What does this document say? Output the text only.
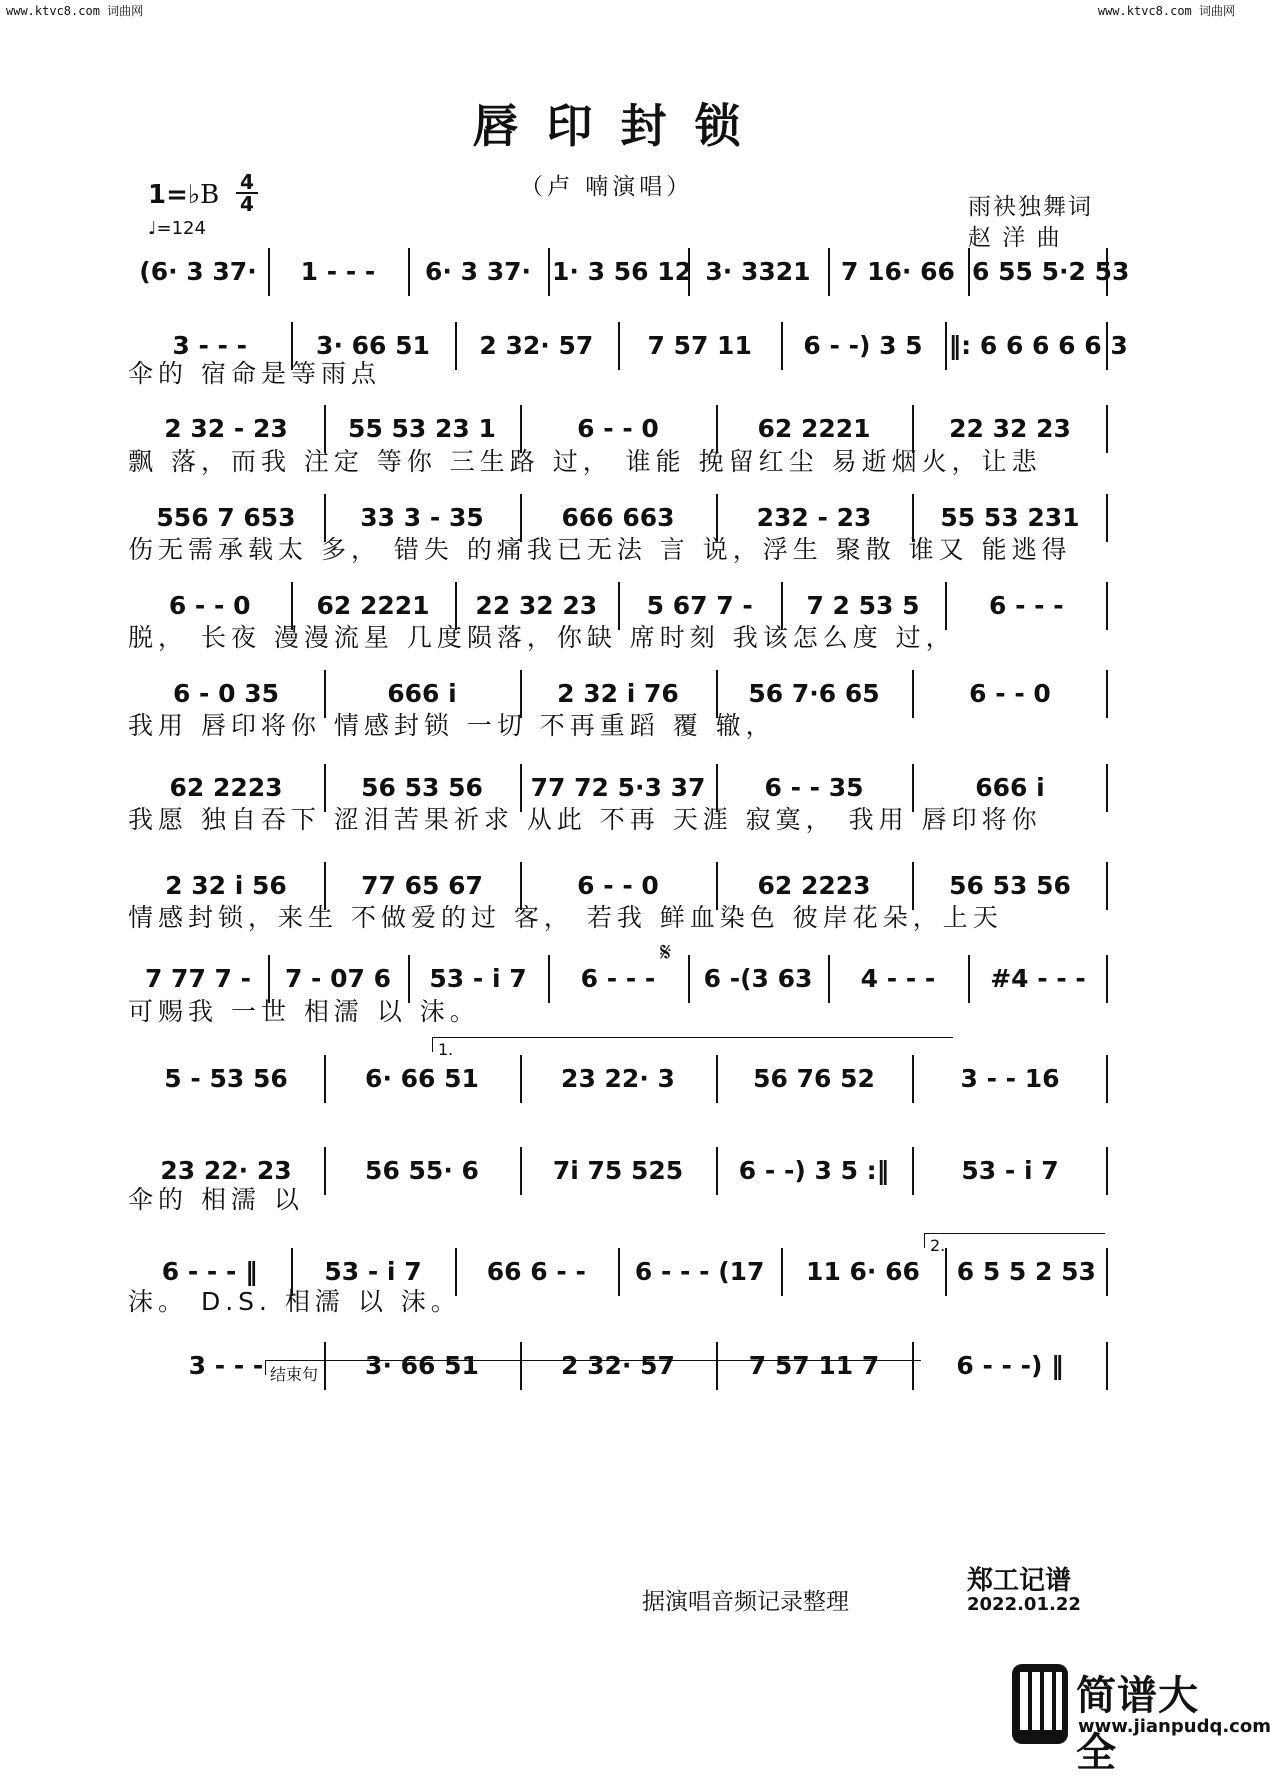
www.ktvc8.com 词曲网	www.ktvc8.com 词曲网
唇印封锁
（卢 喃演唱）
1=♭B 4
4
♩=124
雨袂独舞词
赵 洋 曲
(6· 3 37·	1 - - -	6· 3 37· 1· 3 56 12 3· 3321	7 16· 66 6 55 5·2 53
3 - - -	3· 66 51	2 32· 57	7 57 11	6 - -) 3 5	‖: 6 6 6 6 6 3
伞的 宿命是等雨点
2 32 - 23	55 53 23 1	6 - - 0	62 2221	22 32 23
飘 落，而我 注定 等你 三生路 过， 谁能 挽留红尘 易逝烟火，让悲
556 7 653	33 3 - 35	666 663	232 - 23	55 53 231
伤无需承载太 多， 错失 的痛我已无法 言 说，浮生 聚散 谁又 能逃得
6 - - 0	62 2221	22 32 23	5 67 7 -	7 2 53 5	6 - - -
脱， 长夜 漫漫流星 几度陨落，你缺 席时刻 我该怎么度 过，
6 - 0 35	666 i	2 32 i 76	56 7·6 65	6 - - 0
我用 唇印将你 情感封锁 一切 不再重蹈 覆 辙，
62 2223	56 53 56	77 72 5·3 37	6 - - 35	666 i
我愿 独自吞下 涩泪苦果祈求 从此 不再 天涯 寂寞， 我用 唇印将你
2 32 i 56	77 65 67	6 - - 0	62 2223	56 53 56
情感封锁，来生 不做爱的过 客， 若我 鲜血染色 彼岸花朵，上天
7 77 7 -	7 - 07 6	53 - i 7	6 - - -	6 -(3 63	4 - - -	#4 - - -
可赐我 一世 相濡 以 沫。
5 - 53 56	6· 66 51	23 22· 3	56 76 52	3 - - 16
23 22· 23	56 55· 6	7i 75 525	6 - -) 3 5 :‖	53 - i 7
伞的 相濡 以
6 - - - ‖	53 - i 7	66 6 - -	6 - - - (17	11 6· 66	6 5 5 2 53
沫。 D.S. 相濡 以 沫。
3 - - -	3· 66 51	2 32· 57	7 57 11 7	6 - - -) ‖
𝄋
1.
2.
结束句
据演唱音频记录整理
郑工记谱
2022.01.22
简谱大全
www.jianpudq.com
